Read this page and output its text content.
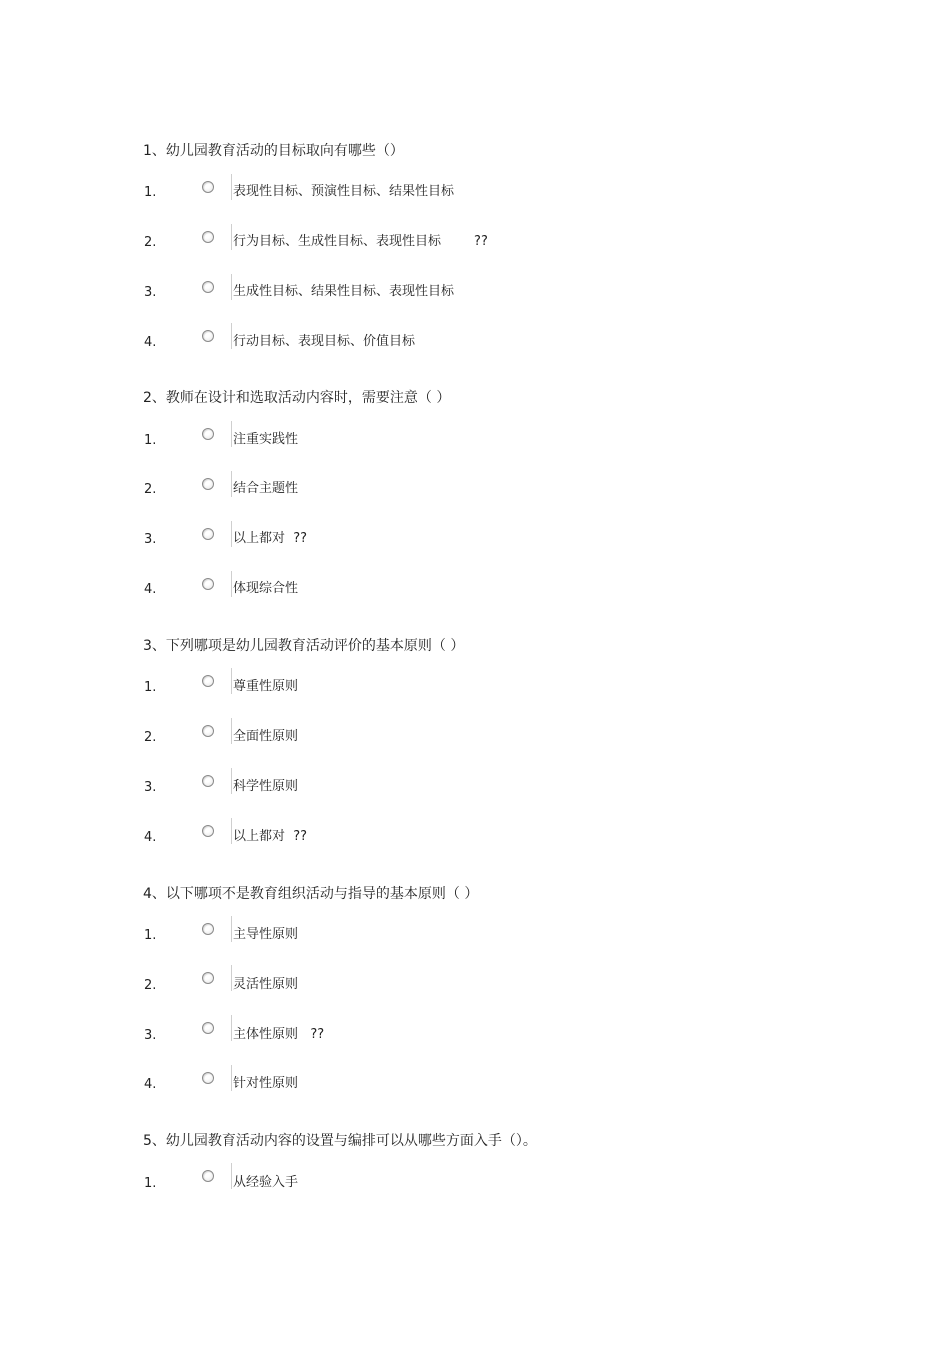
1、幼儿园教育活动的目标取向有哪些（）
1.	表现性目标、预演性目标、结果性目标
2.	行为目标、生成性目标、表现性目标        ??
3.	生成性目标、结果性目标、表现性目标
4.	行动目标、表现目标、价值目标
2、教师在设计和选取活动内容时，需要注意（ ）
1.	注重实践性
2.	结合主题性
3.	以上都对  ??
4.	体现综合性
3、下列哪项是幼儿园教育活动评价的基本原则（ ）
1.	尊重性原则
2.	全面性原则
3.	科学性原则
4.	以上都对  ??
4、以下哪项不是教育组织活动与指导的基本原则（ ）
1.	主导性原则
2.	灵活性原则
3.	主体性原则   ??
4.	针对性原则
5、幼儿园教育活动内容的设置与编排可以从哪些方面入手（）。
1.	从经验入手
